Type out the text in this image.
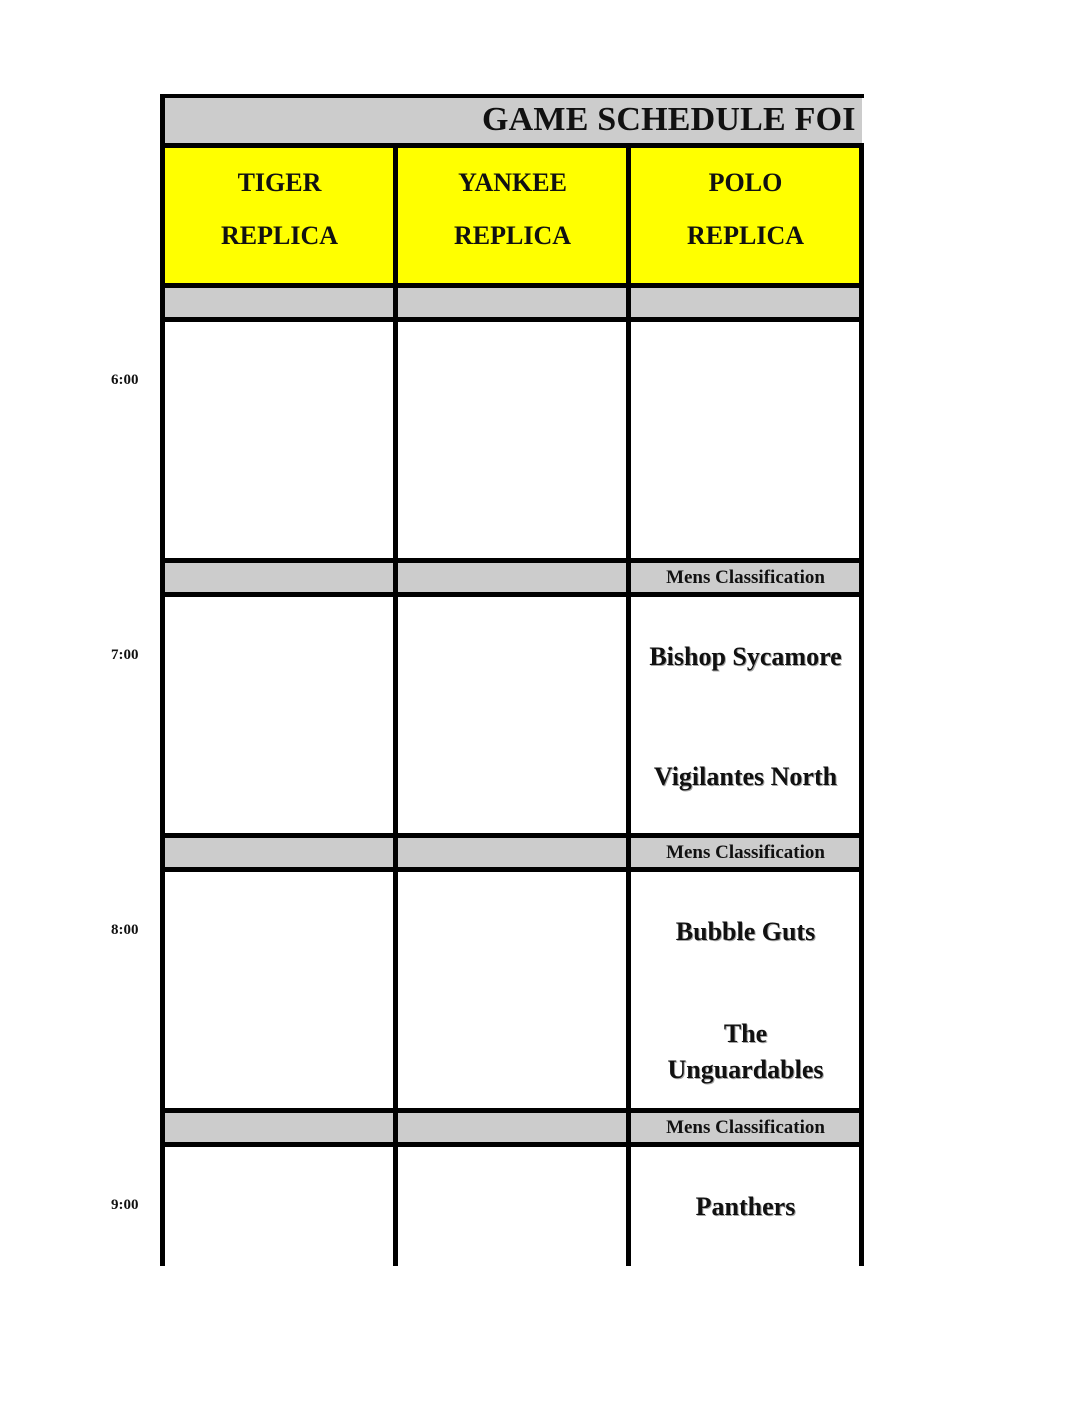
GAME SCHEDULE FOI
TIGER
REPLICA
YANKEE
REPLICA
POLO
REPLICA
Mens Classification
Mens Classification
Mens Classification
6:00
7:00
8:00
9:00
Bishop Sycamore
Vigilantes North
Bubble Guts
The Unguardables
Panthers
